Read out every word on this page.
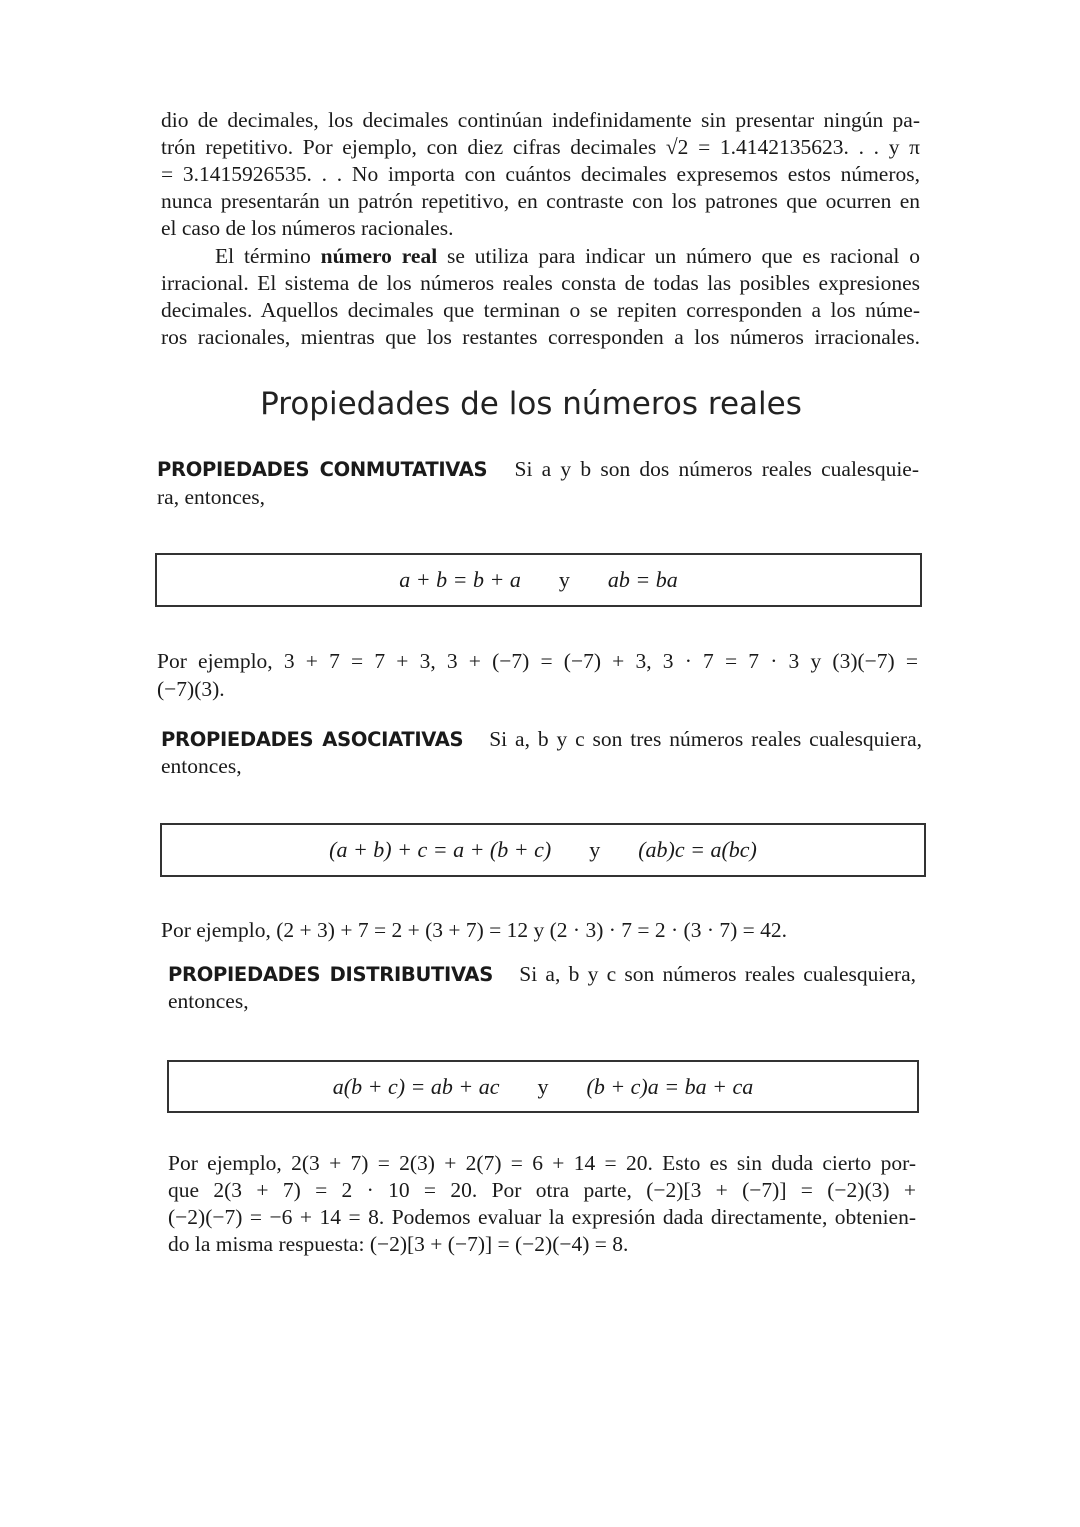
dio de decimales, los decimales continúan indefinidamente sin presentar ningún pa-
trón repetitivo. Por ejemplo, con diez cifras decimales √2 = 1.4142135623. . . y π
= 3.1415926535. . . No importa con cuántos decimales expresemos estos números,
nunca presentarán un patrón repetitivo, en contraste con los patrones que ocurren en
el caso de los números racionales.
El término número real se utiliza para indicar un número que es racional o
irracional. El sistema de los números reales consta de todas las posibles expresiones
decimales. Aquellos decimales que terminan o se repiten corresponden a los núme-
ros racionales, mientras que los restantes corresponden a los números irracionales.
Propiedades de los números reales
PROPIEDADES CONMUTATIVAS Si a y b son dos números reales cualesquie-
ra, entonces,
a + b = b + a y ab = ba
Por ejemplo, 3 + 7 = 7 + 3, 3 + (−7) = (−7) + 3, 3 · 7 = 7 · 3 y (3)(−7) =
(−7)(3).
PROPIEDADES ASOCIATIVAS Si a, b y c son tres números reales cualesquiera,
entonces,
(a + b) + c = a + (b + c) y (ab)c = a(bc)
Por ejemplo, (2 + 3) + 7 = 2 + (3 + 7) = 12 y (2 · 3) · 7 = 2 · (3 · 7) = 42.
PROPIEDADES DISTRIBUTIVAS Si a, b y c son números reales cualesquiera,
entonces,
a(b + c) = ab + ac y (b + c)a = ba + ca
Por ejemplo, 2(3 + 7) = 2(3) + 2(7) = 6 + 14 = 20. Esto es sin duda cierto por-
que 2(3 + 7) = 2 · 10 = 20. Por otra parte, (−2)[3 + (−7)] = (−2)(3) +
(−2)(−7) = −6 + 14 = 8. Podemos evaluar la expresión dada directamente, obtenien-
do la misma respuesta: (−2)[3 + (−7)] = (−2)(−4) = 8.
